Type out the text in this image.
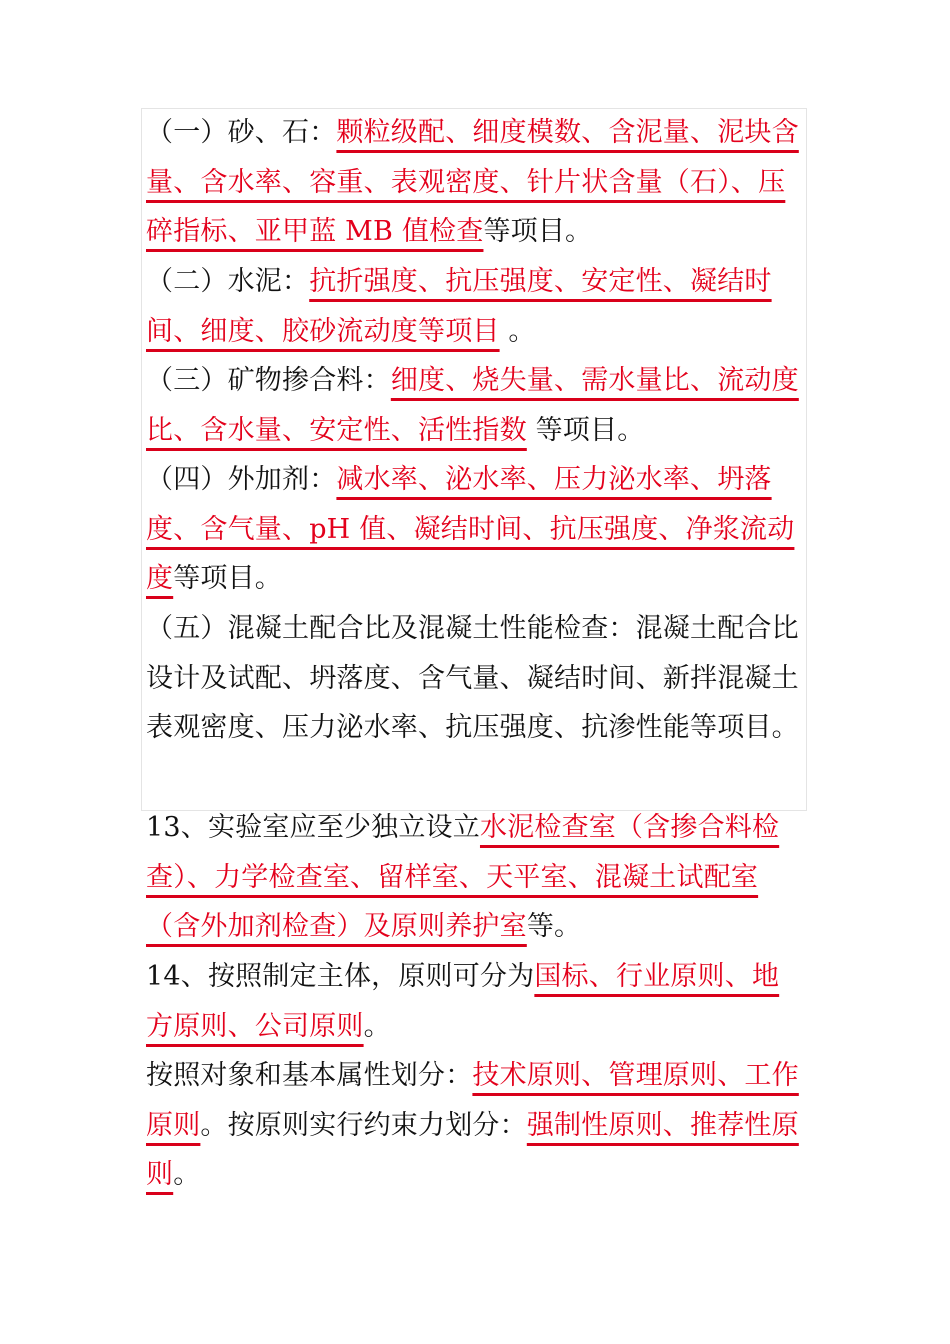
（一）砂、石：颗粒级配、细度模数、含泥量、泥块含量、含水率、容重、表观密度、针片状含量（石）、压碎指标、亚甲蓝 MB 值检查等项目。

（二）水泥：抗折强度、抗压强度、安定性、凝结时间、细度、胶砂流动度等项目 。

（三）矿物掺合料：细度、烧失量、需水量比、流动度比、含水量、安定性、活性指数 等项目。

（四）外加剂：减水率、泌水率、压力泌水率、坍落度、含气量、pH 值、凝结时间、抗压强度、净浆流动度等项目。

（五）混凝土配合比及混凝土性能检查：混凝土配合比设计及试配、坍落度、含气量、凝结时间、新拌混凝土表观密度、压力泌水率、抗压强度、抗渗性能等项目。

13、实验室应至少独立设立水泥检查室（含掺合料检查）、力学检查室、留样室、天平室、混凝土试配室（含外加剂检查）及原则养护室等。

14、按照制定主体，原则可分为国标、行业原则、地方原则、公司原则。

按照对象和基本属性划分：技术原则、管理原则、工作原则。按原则实行约束力划分：强制性原则、推荐性原则。
